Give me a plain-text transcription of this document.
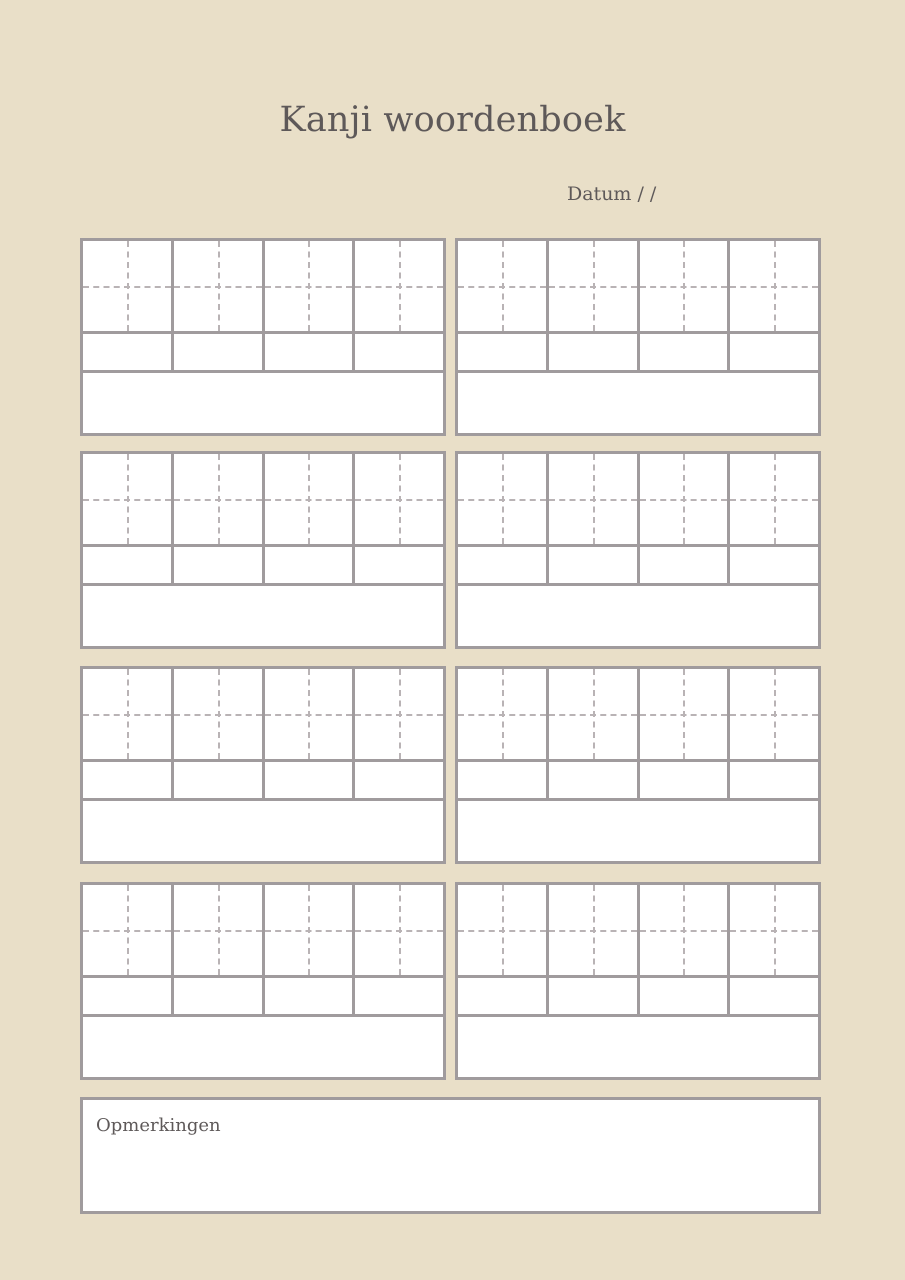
Kanji woordenboek
Datum / /
Opmerkingen
